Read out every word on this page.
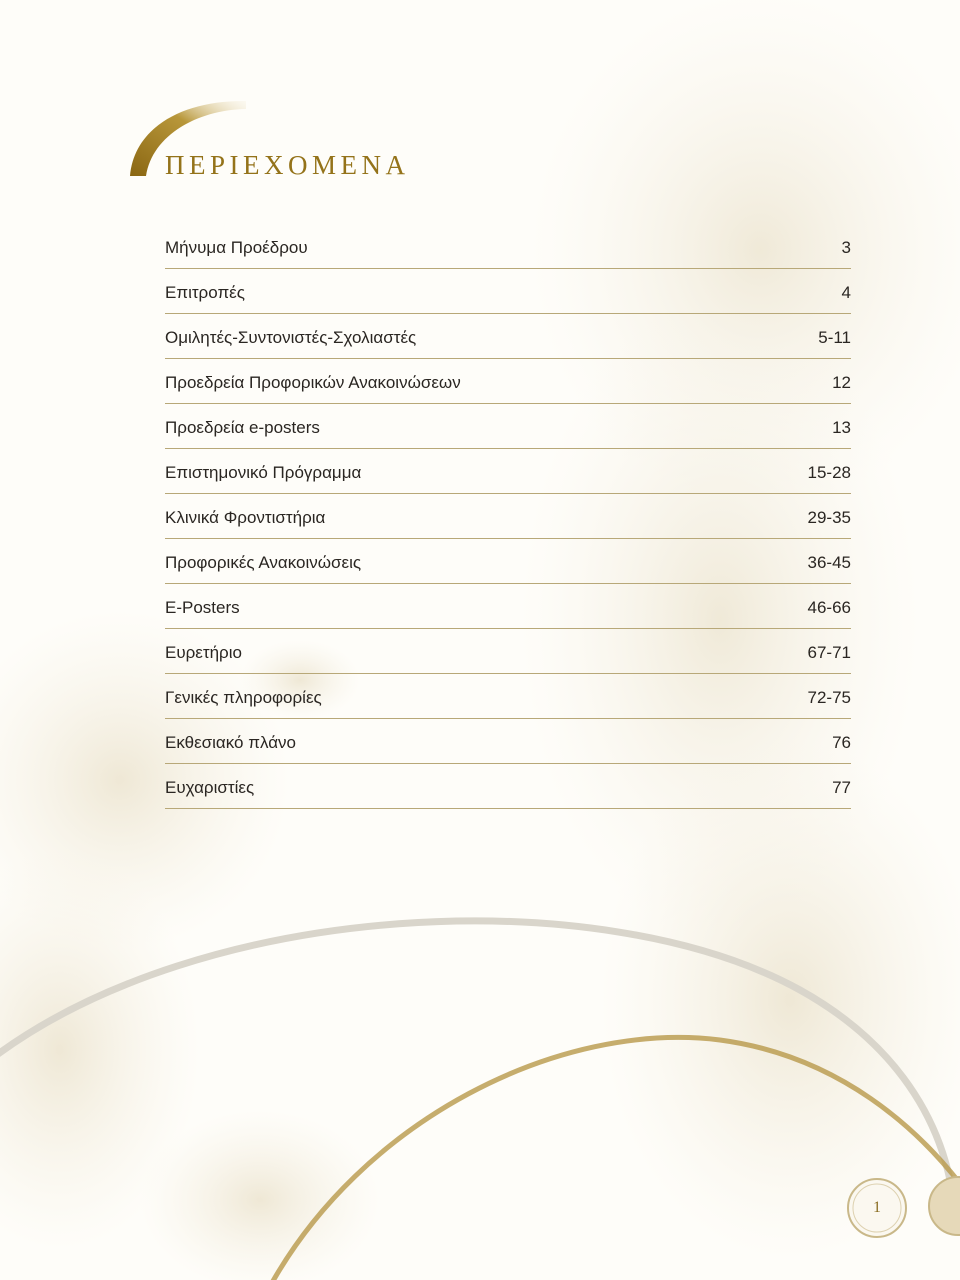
ΠΕΡΙΕΧΟΜΕΝΑ
Μήνυμα Προέδρου	3
Επιτροπές	4
Ομιλητές-Συντονιστές-Σχολιαστές	5-11
Προεδρεία Προφορικών Ανακοινώσεων	12
Προεδρεία e-posters	13
Επιστημονικό Πρόγραμμα	15-28
Κλινικά Φροντιστήρια	29-35
Προφορικές Ανακοινώσεις	36-45
E-Posters	46-66
Ευρετήριο	67-71
Γενικές πληροφορίες	72-75
Εκθεσιακό πλάνο	76
Ευχαριστίες	77
1
